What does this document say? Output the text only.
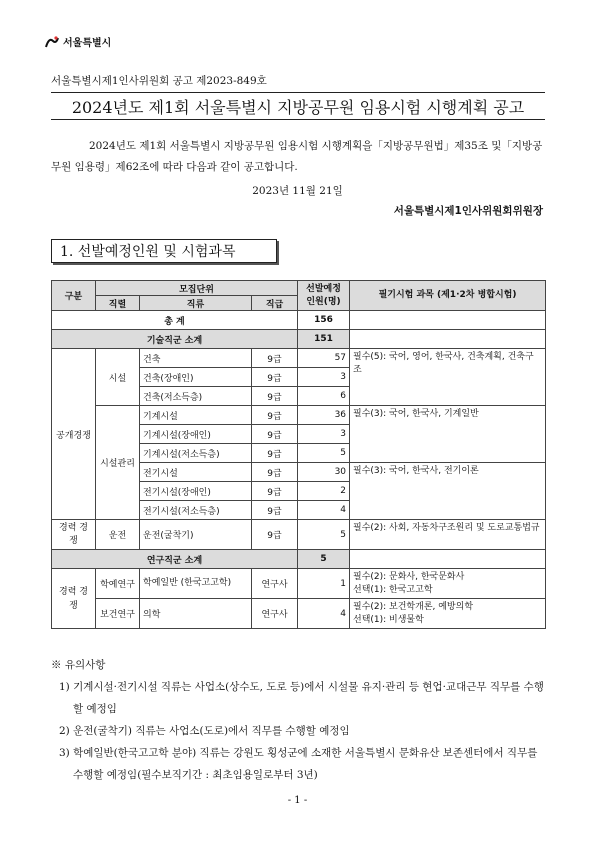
서울특별시
서울특별시제1인사위원회 공고 제2023-849호
2024년도 제1회 서울특별시 지방공무원 임용시험 시행계획 공고
2024년도 제1회 서울특별시 지방공무원 임용시험 시행계획을「지방공무원법」제35조 및「지방공무원 임용령」제62조에 따라 다음과 같이 공고합니다.
2023년 11월 21일
서울특별시제1인사위원회위원장
1. 선발예정인원 및 시험과목
구분	모집단위			선발예정 인원(명)	필기시험 과목 (제1·2차 병합시험)
	직렬	직류	직급		
총 계				156	
기술직군 소계				151	
공개경쟁	시설	건축	9급	57	필수(5): 국어, 영어, 한국사, 건축계획, 건축구조
		건축(장애인)	9급	3	
		건축(저소득층)	9급	6	
	시설관리	기계시설	9급	36	필수(3): 국어, 한국사, 기계일반
		기계시설(장애인)	9급	3	
		기계시설(저소득층)	9급	5	
		전기시설	9급	30	필수(3): 국어, 한국사, 전기이론
		전기시설(장애인)	9급	2	
		전기시설(저소득층)	9급	4	
경력 경쟁	운전	운전(굴착기)	9급	5	필수(2): 사회, 자동차구조원리 및 도로교통법규
연구직군 소계				5	
경력 경쟁	학예연구	학예일반 (한국고고학)	연구사	1	필수(2): 문화사, 한국문화사
선택(1): 한국고고학

	보건연구	의학	연구사	4	필수(2): 보건학개론, 예방의학
선택(1): 비생물학
※ 유의사항
1) 기계시설·전기시설 직류는 사업소(상수도, 도로 등)에서 시설물 유지·관리 등 현업·교대근무 직무를 수행할 예정임
2) 운전(굴착기) 직류는 사업소(도로)에서 직무를 수행할 예정임
3) 학예일반(한국고고학 분야) 직류는 강원도 횡성군에 소재한 서울특별시 문화유산 보존센터에서 직무를 수행할 예정임(필수보직기간 : 최초임용일로부터 3년)
- 1 -
